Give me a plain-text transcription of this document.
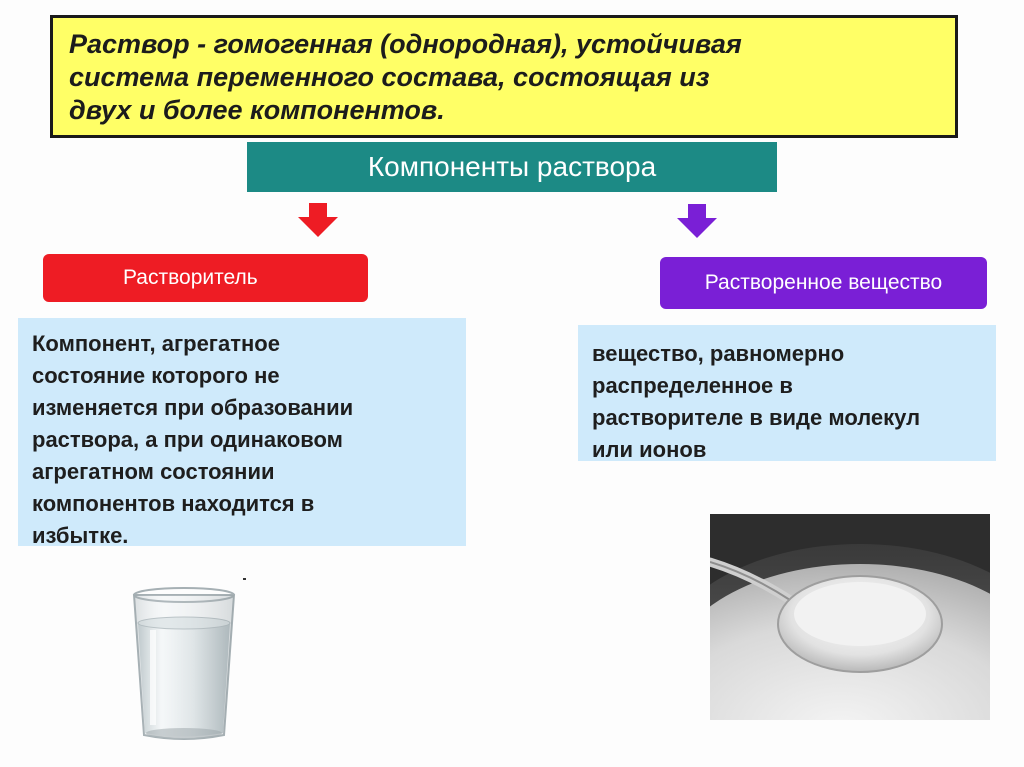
Раствор - гомогенная (однородная), устойчивая
система переменного состава, состоящая из
двух и более компонентов.
Компоненты раствора
Растворитель	Растворенное вещество
Компонент, агрегатное
состояние которого не
изменяется при образовании
раствора, а при одинаковом
агрегатном состоянии
компонентов находится в
избытке.
вещество, равномерно
распределенное в
растворителе в виде молекул
или ионов
